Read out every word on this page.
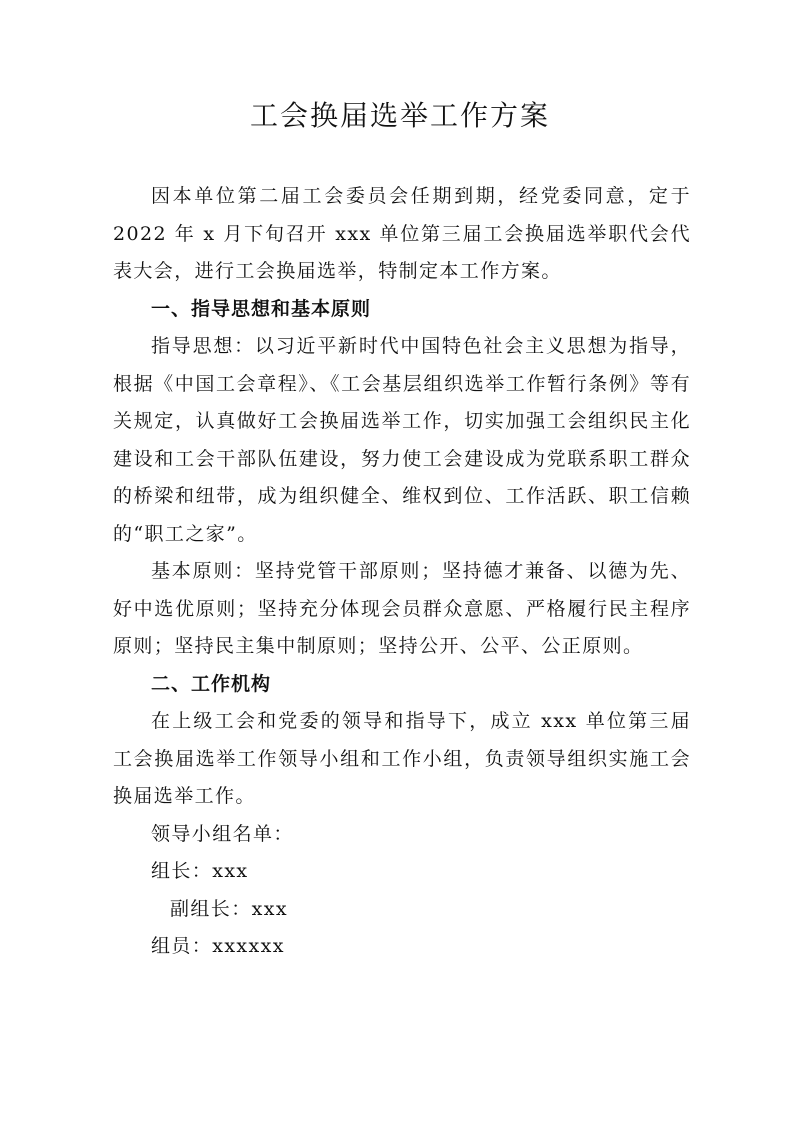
工会换届选举工作方案

因本单位第二届工会委员会任期到期，经党委同意，定于 2022 年 x 月下旬召开 xxx 单位第三届工会换届选举职代会代表大会，进行工会换届选举，特制定本工作方案。

一、指导思想和基本原则

指导思想：以习近平新时代中国特色社会主义思想为指导，根据《中国工会章程》、《工会基层组织选举工作暂行条例》等有关规定，认真做好工会换届选举工作，切实加强工会组织民主化建设和工会干部队伍建设，努力使工会建设成为党联系职工群众的桥梁和纽带，成为组织健全、维权到位、工作活跃、职工信赖的“职工之家”。

基本原则：坚持党管干部原则；坚持德才兼备、以德为先、好中选优原则；坚持充分体现会员群众意愿、严格履行民主程序原则；坚持民主集中制原则；坚持公开、公平、公正原则。

二、工作机构

在上级工会和党委的领导和指导下，成立 xxx 单位第三届工会换届选举工作领导小组和工作小组，负责领导组织实施工会换届选举工作。

领导小组名单：

组长：xxx

副组长：xxx

组员：xxxxxx
